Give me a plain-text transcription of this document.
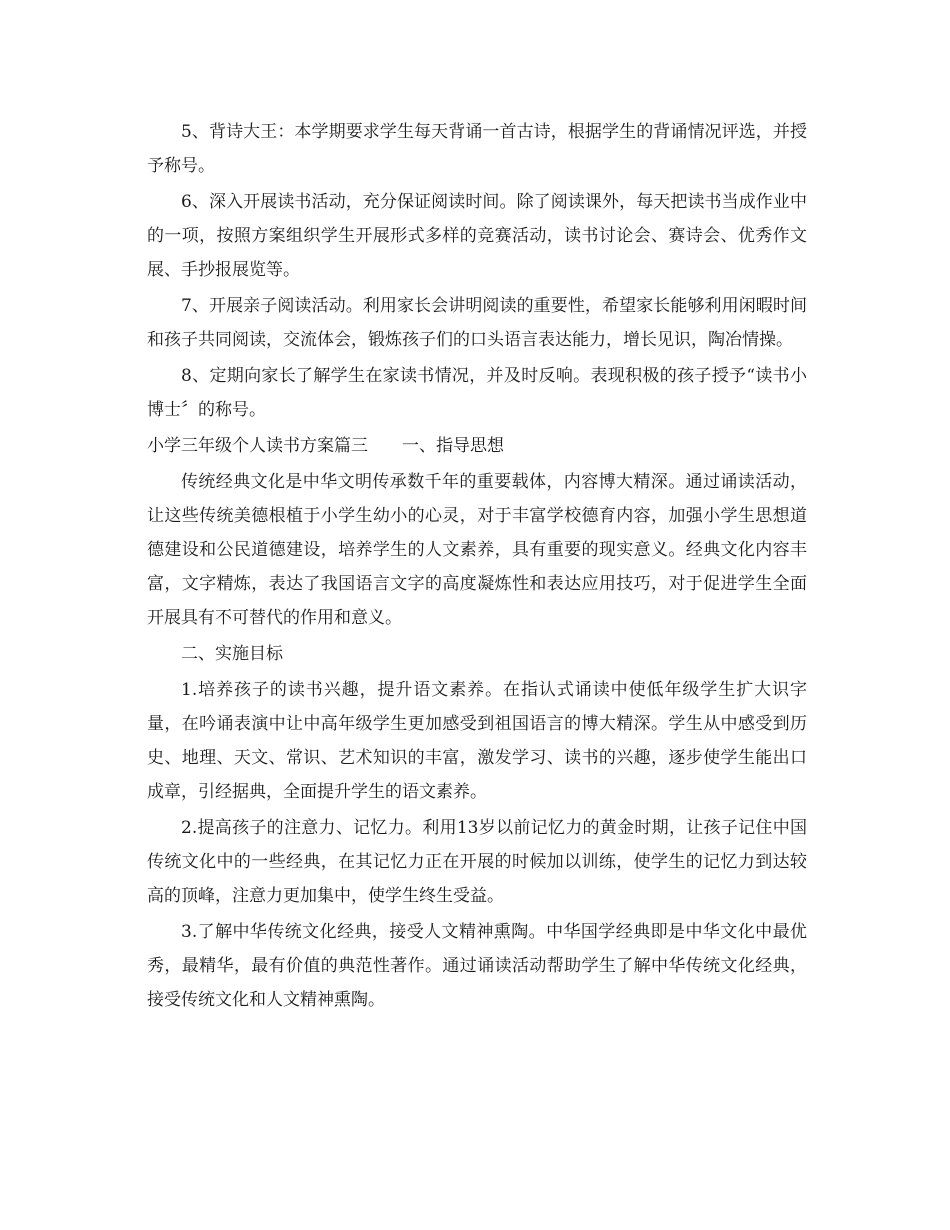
5、背诗大王：本学期要求学生每天背诵一首古诗，根据学生的背诵情况评选，并授予称号。

6、深入开展读书活动，充分保证阅读时间。除了阅读课外，每天把读书当成作业中的一项，按照方案组织学生开展形式多样的竞赛活动，读书讨论会、赛诗会、优秀作文展、手抄报展览等。

7、开展亲子阅读活动。利用家长会讲明阅读的重要性，希望家长能够利用闲暇时间和孩子共同阅读，交流体会，锻炼孩子们的口头语言表达能力，增长见识，陶冶情操。

8、定期向家长了解学生在家读书情况，并及时反响。表现积极的孩子授予“读书小博士〞的称号。

小学三年级个人读书方案篇三　　一、指导思想

传统经典文化是中华文明传承数千年的重要载体，内容博大精深。通过诵读活动，让这些传统美德根植于小学生幼小的心灵，对于丰富学校德育内容，加强小学生思想道德建设和公民道德建设，培养学生的人文素养，具有重要的现实意义。经典文化内容丰富，文字精炼，表达了我国语言文字的高度凝炼性和表达应用技巧，对于促进学生全面开展具有不可替代的作用和意义。

二、实施目标

1.培养孩子的读书兴趣，提升语文素养。在指认式诵读中使低年级学生扩大识字量，在吟诵表演中让中高年级学生更加感受到祖国语言的博大精深。学生从中感受到历史、地理、天文、常识、艺术知识的丰富，激发学习、读书的兴趣，逐步使学生能出口成章，引经据典，全面提升学生的语文素养。

2.提高孩子的注意力、记忆力。利用13岁以前记忆力的黄金时期，让孩子记住中国传统文化中的一些经典，在其记忆力正在开展的时候加以训练，使学生的记忆力到达较高的顶峰，注意力更加集中，使学生终生受益。

3.了解中华传统文化经典，接受人文精神熏陶。中华国学经典即是中华文化中最优秀，最精华，最有价值的典范性著作。通过诵读活动帮助学生了解中华传统文化经典，接受传统文化和人文精神熏陶。
